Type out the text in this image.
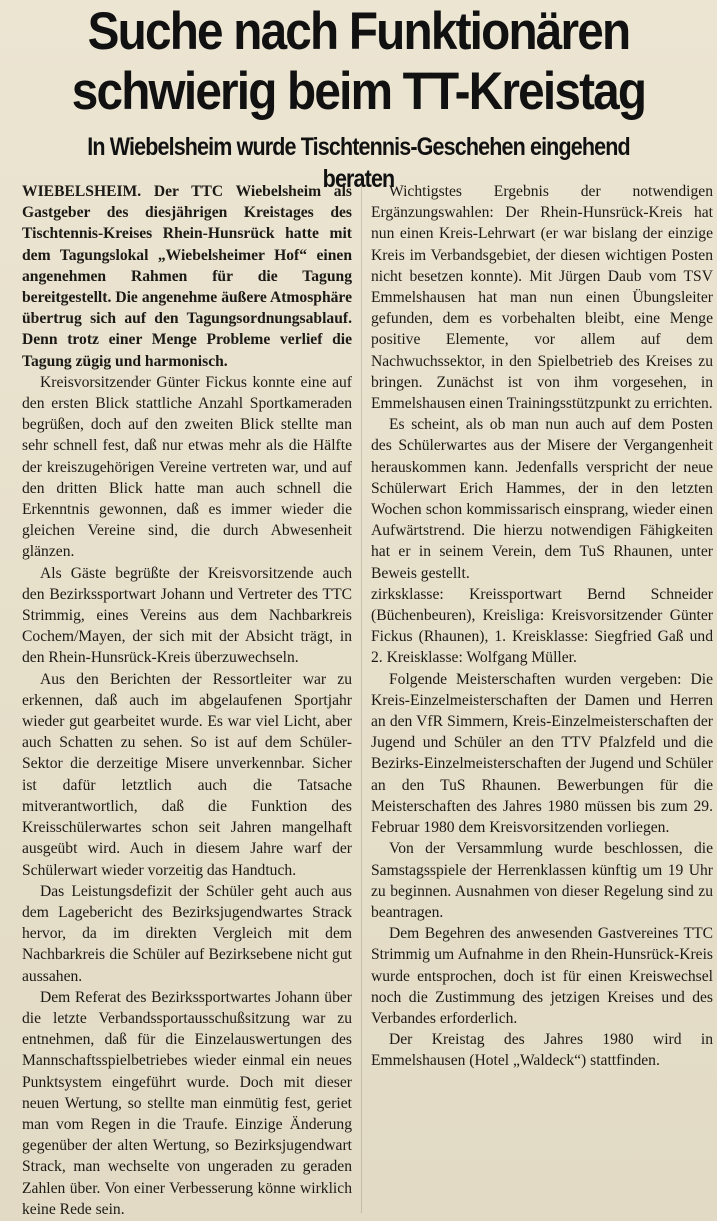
Suche nach Funktionären
schwierig beim TT-Kreistag
In Wiebelsheim wurde Tischtennis-Geschehen eingehend beraten

WIEBELSHEIM. Der TTC Wiebelsheim als Gastgeber des diesjährigen Kreistages des Tischtennis-Kreises Rhein-Hunsrück hatte mit dem Tagungslokal „Wiebelsheimer Hof“ einen angenehmen Rahmen für die Tagung bereitgestellt. Die angenehme äußere Atmosphäre übertrug sich auf den Tagungsordnungsablauf. Denn trotz einer Menge Probleme verlief die Tagung zügig und harmonisch.

Kreisvorsitzender Günter Fickus konnte eine auf den ersten Blick stattliche Anzahl Sportkameraden begrüßen, doch auf den zweiten Blick stellte man sehr schnell fest, daß nur etwas mehr als die Hälfte der kreiszugehörigen Vereine vertreten war, und auf den dritten Blick hatte man auch schnell die Erkenntnis gewonnen, daß es immer wieder die gleichen Vereine sind, die durch Abwesenheit glänzen.

Als Gäste begrüßte der Kreisvorsitzende auch den Bezirkssportwart Johann und Vertreter des TTC Strimmig, eines Vereins aus dem Nachbarkreis Cochem/Mayen, der sich mit der Absicht trägt, in den Rhein-Hunsrück-Kreis überzuwechseln.

Aus den Berichten der Ressortleiter war zu erkennen, daß auch im abgelaufenen Sportjahr wieder gut gearbeitet wurde. Es war viel Licht, aber auch Schatten zu sehen. So ist auf dem Schüler-Sektor die derzeitige Misere unverkennbar. Sicher ist dafür letztlich auch die Tatsache mitverantwortlich, daß die Funktion des Kreisschülerwartes schon seit Jahren mangelhaft ausgeübt wird. Auch in diesem Jahre warf der Schülerwart wieder vorzeitig das Handtuch.

Das Leistungsdefizit der Schüler geht auch aus dem Lagebericht des Bezirksjugendwartes Strack hervor, da im direkten Vergleich mit dem Nachbarkreis die Schüler auf Bezirksebene nicht gut aussahen.

Dem Referat des Bezirkssportwartes Johann über die letzte Verbandssportausschußsitzung war zu entnehmen, daß für die Einzelauswertungen des Mannschaftsspielbetriebes wieder einmal ein neues Punktsystem eingeführt wurde. Doch mit dieser neuen Wertung, so stellte man einmütig fest, geriet man vom Regen in die Traufe. Einzige Änderung gegenüber der alten Wertung, so Bezirksjugendwart Strack, man wechselte von ungeraden zu geraden Zahlen über. Von einer Verbesserung könne wirklich keine Rede sein.

Wichtigstes Ergebnis der notwendigen Ergänzungswahlen: Der Rhein-Hunsrück-Kreis hat nun einen Kreis-Lehrwart (er war bislang der einzige Kreis im Verbandsgebiet, der diesen wichtigen Posten nicht besetzen konnte). Mit Jürgen Daub vom TSV Emmelshausen hat man nun einen Übungsleiter gefunden, dem es vorbehalten bleibt, eine Menge positive Elemente, vor allem auf dem Nachwuchssektor, in den Spielbetrieb des Kreises zu bringen. Zunächst ist von ihm vorgesehen, in Emmelshausen einen Trainingsstützpunkt zu errichten.

Es scheint, als ob man nun auch auf dem Posten des Schülerwartes aus der Misere der Vergangenheit herauskommen kann. Jedenfalls verspricht der neue Schülerwart Erich Hammes, der in den letzten Wochen schon kommissarisch einsprang, wieder einen Aufwärtstrend. Die hierzu notwendigen Fähigkeiten hat er in seinem Verein, dem TuS Rhaunen, unter Beweis gestellt.

zirksklasse: Kreissportwart Bernd Schneider (Büchenbeuren), Kreisliga: Kreisvorsitzender Günter Fickus (Rhaunen), 1. Kreisklasse: Siegfried Gaß und 2. Kreisklasse: Wolfgang Müller.

Folgende Meisterschaften wurden vergeben: Die Kreis-Einzelmeisterschaften der Damen und Herren an den VfR Simmern, Kreis-Einzelmeisterschaften der Jugend und Schüler an den TTV Pfalzfeld und die Bezirks-Einzelmeisterschaften der Jugend und Schüler an den TuS Rhaunen. Bewerbungen für die Meisterschaften des Jahres 1980 müssen bis zum 29. Februar 1980 dem Kreisvorsitzenden vorliegen.

Von der Versammlung wurde beschlossen, die Samstagsspiele der Herrenklassen künftig um 19 Uhr zu beginnen. Ausnahmen von dieser Regelung sind zu beantragen.

Dem Begehren des anwesenden Gastvereines TTC Strimmig um Aufnahme in den Rhein-Hunsrück-Kreis wurde entsprochen, doch ist für einen Kreiswechsel noch die Zustimmung des jetzigen Kreises und des Verbandes erforderlich.

Der Kreistag des Jahres 1980 wird in Emmelshausen (Hotel „Waldeck“) stattfinden.
